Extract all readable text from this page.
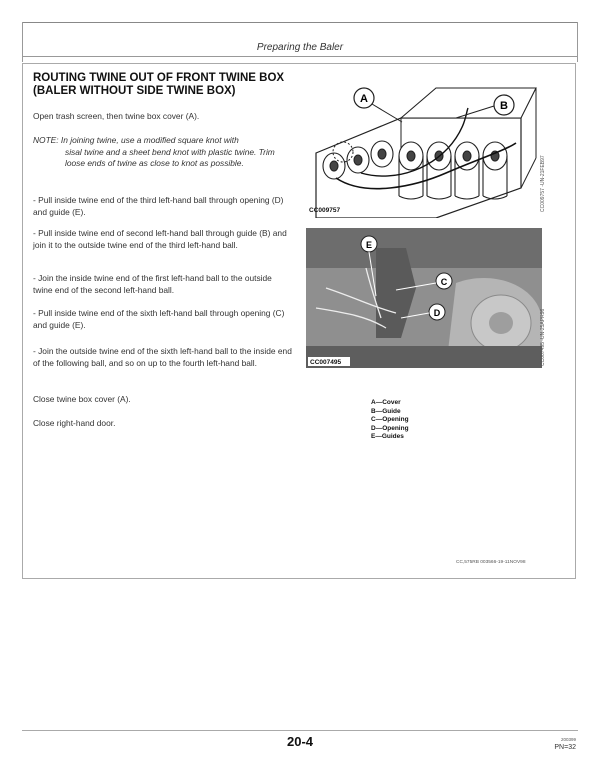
Preparing the Baler
ROUTING TWINE OUT OF FRONT TWINE BOX (BALER WITHOUT SIDE TWINE BOX)
Open trash screen, then twine box cover (A).
NOTE: In joining twine, use a modified square knot with
sisal twine and a sheet bend knot with plastic twine. Trim loose ends of twine as close to knot as possible.
- Pull inside twine end of the third left-hand ball through opening (D) and guide (E).
- Pull inside twine end of second left-hand ball through guide (B) and join it to the outside twine end of the third left-hand ball.
- Join the inside twine end of the first left-hand ball to the outside twine end of the second left-hand ball.
- Pull inside twine end of the sixth left-hand ball through opening (C) and guide (E).
- Join the outside twine end of the sixth left-hand ball to the inside end of the following ball, and so on up to the fourth left-hand ball.
Close twine box cover (A).
Close right-hand door.
A
B
CC009757	CC009757 -UN-21FEB97
E
C
D
CC007495	CC007495 -UN-25APR96
A—Cover
B—Guide
C—Opening
D—Opening
E—Guides
CC,575RB 003566-19-11NOV98
20-4	200399
PN=32
